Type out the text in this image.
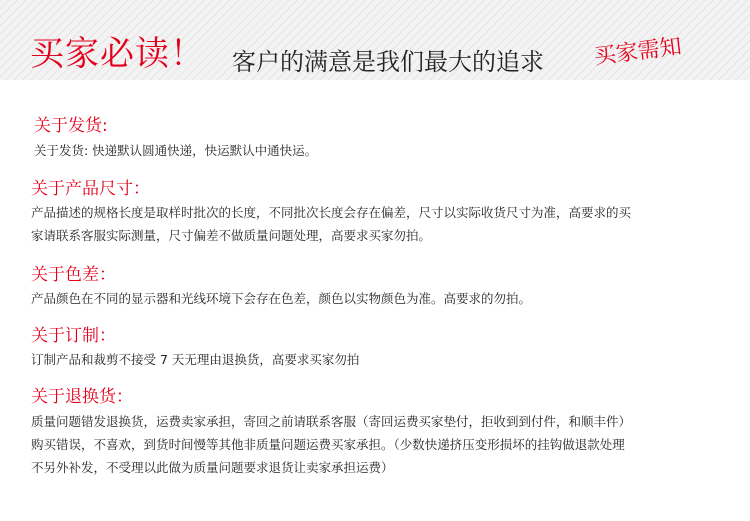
买家必读！ 客户的满意是我们最大的追求 买家需知
关于发货:
关于发货: 快递默认圆通快递，快运默认中通快运。
关于产品尺寸：
产品描述的规格长度是取样时批次的长度，不同批次长度会存在偏差，尺寸以实际收货尺寸为准，高要求的买
家请联系客服实际测量，尺寸偏差不做质量问题处理，高要求买家勿拍。
关于色差：
产品颜色在不同的显示器和光线环境下会存在色差，颜色以实物颜色为准。高要求的勿拍。
关于订制：
订制产品和裁剪不接受 7 天无理由退换货，高要求买家勿拍
关于退换货：
质量问题错发退换货，运费卖家承担，寄回之前请联系客服（寄回运费买家垫付，拒收到到付件，和顺丰件）
购买错误，不喜欢，到货时间慢等其他非质量问题运费买家承担。（少数快递挤压变形损坏的挂钩做退款处理
不另外补发，不受理以此做为质量问题要求退货让卖家承担运费）
